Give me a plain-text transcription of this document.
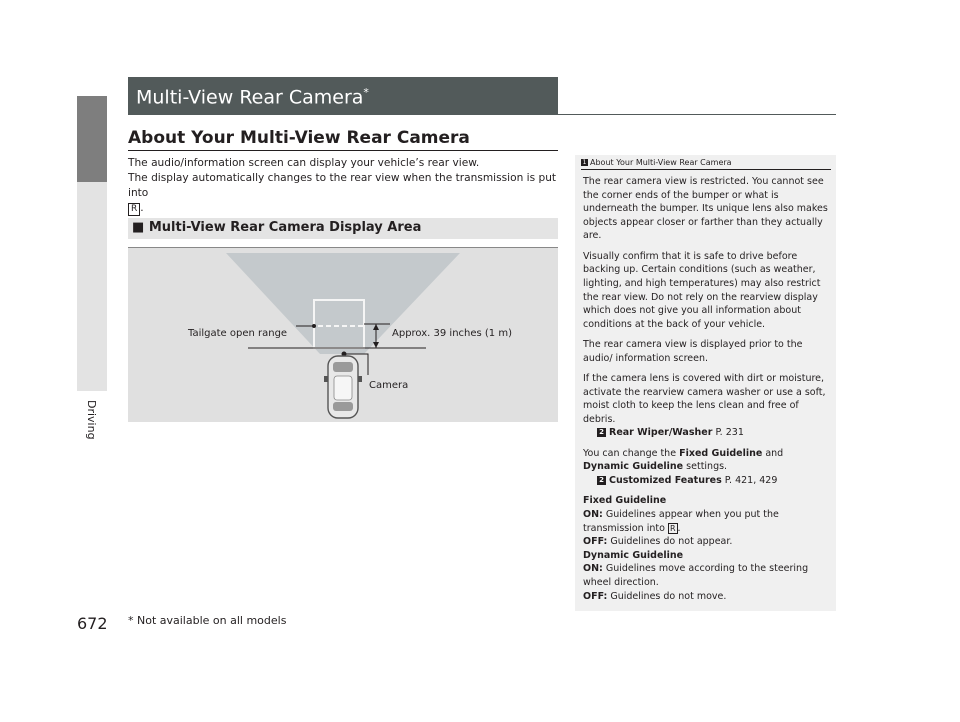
Driving
Multi-View Rear Camera*
About Your Multi-View Rear Camera

The audio/information screen can display your vehicle’s rear view.

The display automatically changes to the rear view when the transmission is put into

R .

■ Multi-View Rear Camera Display Area
Tailgate open range	Approx. 39 inches (1 m)
Camera
1 About Your Multi-View Rear Camera

The rear camera view is restricted. You cannot see the corner ends of the bumper or what is underneath the bumper. Its unique lens also makes objects appear closer or farther than they actually are.

Visually confirm that it is safe to drive before backing up. Certain conditions (such as weather, lighting, and high temperatures) may also restrict the rear view. Do not rely on the rearview display which does not give you all information about conditions at the back of your vehicle.

The rear camera view is displayed prior to the audio/ information screen.

If the camera lens is covered with dirt or moisture, activate the rearview camera washer or use a soft, moist cloth to keep the lens clean and free of debris.
2 Rear Wiper/Washer P. 231

You can change the Fixed Guideline and Dynamic Guideline settings.
2 Customized Features P. 421, 429

Fixed Guideline

ON: Guidelines appear when you put the transmission into R .

OFF: Guidelines do not appear.

Dynamic Guideline

ON: Guidelines move according to the steering wheel direction.

OFF: Guidelines do not move.

672 * Not available on all models
